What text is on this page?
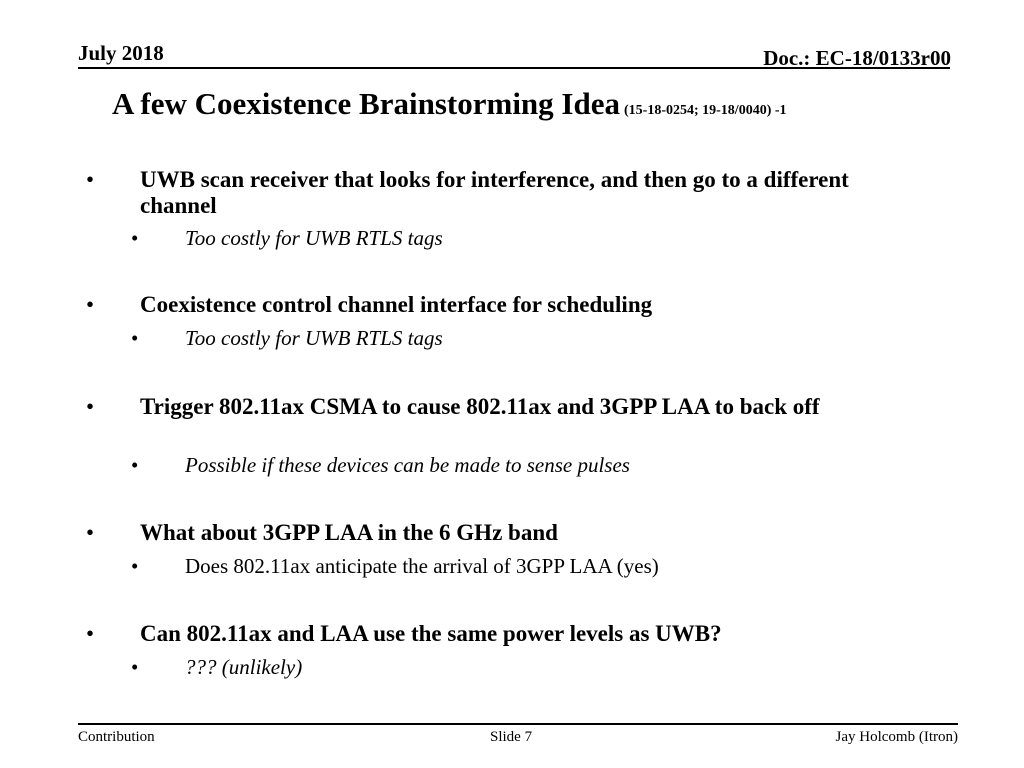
July 2018	Doc.: EC-18/0133r00
A few Coexistence Brainstorming Idea (15-18-0254; 19-18/0040) -1
• UWB scan receiver that looks for interference, and then go to a different channel
• Too costly for UWB RTLS tags
• Coexistence control channel interface for scheduling
• Too costly for UWB RTLS tags
• Trigger 802.11ax CSMA to cause 802.11ax and 3GPP LAA to back off
• Possible if these devices can be made to sense pulses
• What about 3GPP LAA in the 6 GHz band
• Does 802.11ax anticipate the arrival of 3GPP LAA (yes)
• Can 802.11ax and LAA use the same power levels as UWB?
• ??? (unlikely)
Contribution	Slide 7	Jay Holcomb (Itron)
